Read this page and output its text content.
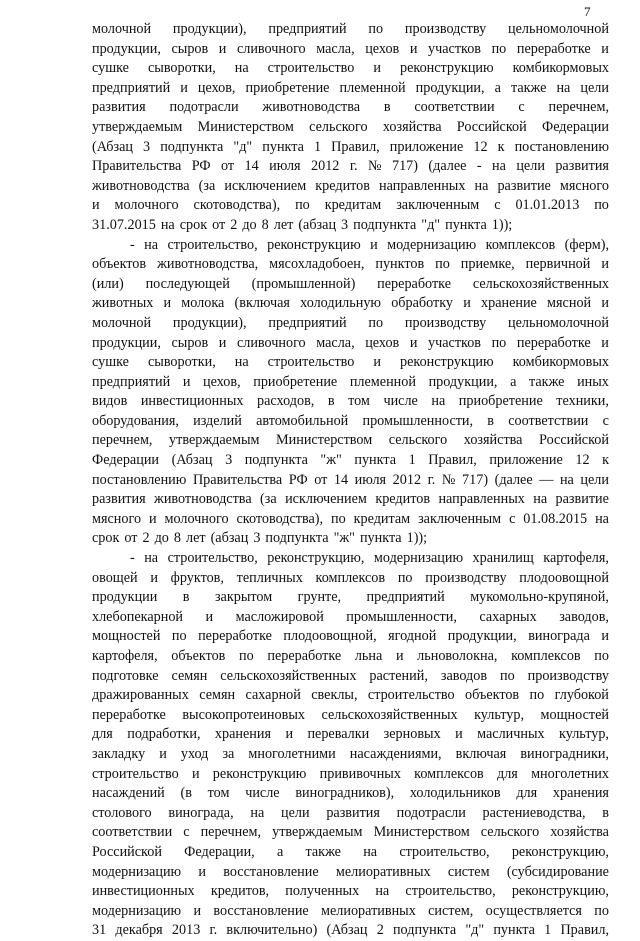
7
молочной продукции), предприятий по производству цельномолочной
продукции, сыров и сливочного масла, цехов и участков по переработке и
сушке сыворотки, на строительство и реконструкцию комбикормовых
предприятий и цехов, приобретение племенной продукции, а также на цели
развития подотрасли животноводства в соответствии с перечнем,
утверждаемым Министерством сельского хозяйства Российской Федерации
(Абзац 3 подпункта "д" пункта 1 Правил, приложение 12 к постановлению
Правительства РФ от 14 июля 2012 г. № 717) (далее - на цели развития
животноводства (за исключением кредитов направленных на развитие мясного
и молочного скотоводства), по кредитам заключенным с 01.01.2013 по
31.07.2015 на срок от 2 до 8 лет (абзац 3 подпункта "д" пункта 1));
- на строительство, реконструкцию и модернизацию комплексов (ферм),
объектов животноводства, мясохладобоен, пунктов по приемке, первичной и
(или) последующей (промышленной) переработке сельскохозяйственных
животных и молока (включая холодильную обработку и хранение мясной и
молочной продукции), предприятий по производству цельномолочной
продукции, сыров и сливочного масла, цехов и участков по переработке и
сушке сыворотки, на строительство и реконструкцию комбикормовых
предприятий и цехов, приобретение племенной продукции, а также иных
видов инвестиционных расходов, в том числе на приобретение техники,
оборудования, изделий автомобильной промышленности, в соответствии с
перечнем, утверждаемым Министерством сельского хозяйства Российской
Федерации (Абзац 3 подпункта "ж" пункта 1 Правил, приложение 12 к
постановлению Правительства РФ от 14 июля 2012 г. № 717) (далее — на цели
развития животноводства (за исключением кредитов направленных на развитие
мясного и молочного скотоводства), по кредитам заключенным с 01.08.2015 на
срок от 2 до 8 лет (абзац 3 подпункта "ж" пункта 1));
- на строительство, реконструкцию, модернизацию хранилищ картофеля,
овощей и фруктов, тепличных комплексов по производству плодоовощной
продукции в закрытом грунте, предприятий мукомольно-крупяной,
хлебопекарной и масложировой промышленности, сахарных заводов,
мощностей по переработке плодоовощной, ягодной продукции, винограда и
картофеля, объектов по переработке льна и льноволокна, комплексов по
подготовке семян сельскохозяйственных растений, заводов по производству
дражированных семян сахарной свеклы, строительство объектов по глубокой
переработке высокопротеиновых сельскохозяйственных культур, мощностей
для подработки, хранения и перевалки зерновых и масличных культур,
закладку и уход за многолетними насаждениями, включая виноградники,
строительство и реконструкцию прививочных комплексов для многолетних
насаждений (в том числе виноградников), холодильников для хранения
столового винограда, на цели развития подотрасли растениеводства, в
соответствии с перечнем, утверждаемым Министерством сельского хозяйства
Российской Федерации, а также на строительство, реконструкцию,
модернизацию и восстановление мелиоративных систем (субсидирование
инвестиционных кредитов, полученных на строительство, реконструкцию,
модернизацию и восстановление мелиоративных систем, осуществляется по
31 декабря 2013 г. включительно) (Абзац 2 подпункта "д" пункта 1 Правил,
